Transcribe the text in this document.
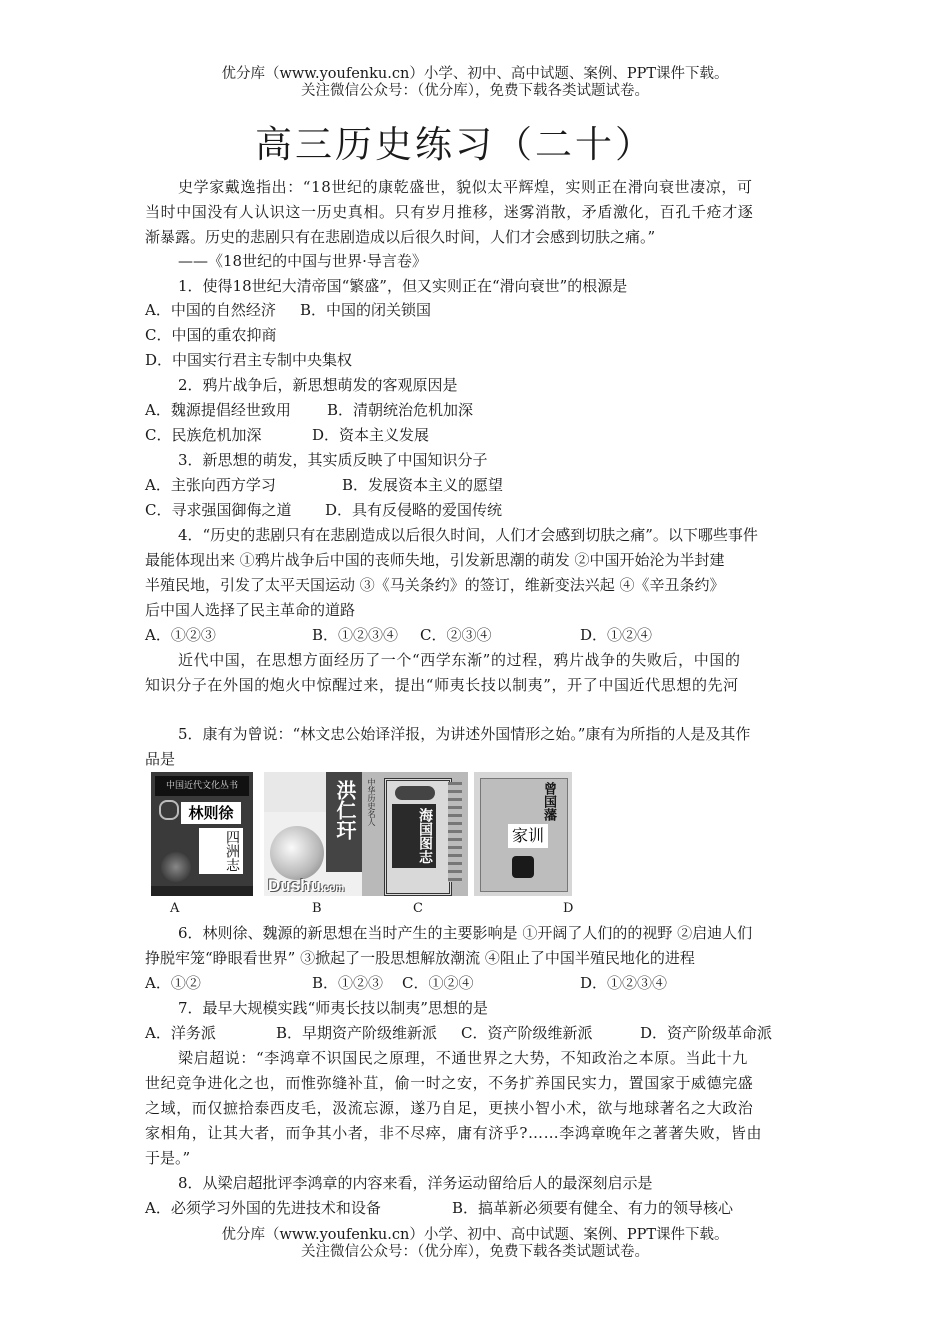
优分库（www.youfenku.cn）小学、初中、高中试题、案例、PPT课件下载。
关注微信公众号：（优分库），免费下载各类试题试卷。
高三历史练习（二十）
史学家戴逸指出：“18世纪的康乾盛世，貌似太平辉煌，实则正在滑向衰世凄凉，可
当时中国没有人认识这一历史真相。只有岁月推移，迷雾消散，矛盾激化，百孔千疮才逐
渐暴露。历史的悲剧只有在悲剧造成以后很久时间，人们才会感到切肤之痛。”
——《18世纪的中国与世界·导言卷》
1．使得18世纪大清帝国“繁盛”，但又实则正在“滑向衰世”的根源是
A．中国的自然经济 B．中国的闭关锁国
C．中国的重农抑商
D．中国实行君主专制中央集权
2．鸦片战争后，新思想萌发的客观原因是
A．魏源提倡经世致用 B．清朝统治危机加深
C．民族危机加深	D．资本主义发展
3．新思想的萌发，其实质反映了中国知识分子
A．主张向西方学习	B．发展资本主义的愿望
C．寻求强国御侮之道 D．具有反侵略的爱国传统
4．“历史的悲剧只有在悲剧造成以后很久时间，人们才会感到切肤之痛”。以下哪些事件
最能体现出来 ①鸦片战争后中国的丧师失地，引发新思潮的萌发 ②中国开始沦为半封建
半殖民地，引发了太平天国运动 ③《马关条约》的签订，维新变法兴起 ④《辛丑条约》
后中国人选择了民主革命的道路
A．①②③	B．①②③④ C．②③④	D．①②④
近代中国，在思想方面经历了一个“西学东渐”的过程，鸦片战争的失败后，中国的
知识分子在外国的炮火中惊醒过来，提出“师夷长技以制夷”，开了中国近代思想的先河
5．康有为曾说：“林文忠公始译洋报，为讲述外国情形之始。”康有为所指的人是及其作
品是
中国近代文化丛书
林则徐
四洲志
洪仁玕
Dushu.com
中华历史名人
海国图志
曾国藩
家训
A	B	C	D
6．林则徐、魏源的新思想在当时产生的主要影响是 ①开阔了人们的的视野 ②启迪人们
挣脱牢笼“睁眼看世界” ③掀起了一股思想解放潮流 ④阻止了中国半殖民地化的进程
A．①②	B．①②③ C．①②④	D．①②③④
7．最早大规模实践“师夷长技以制夷”思想的是
A．洋务派	B．早期资产阶级维新派 C．资产阶级维新派	D．资产阶级革命派
梁启超说：“李鸿章不识国民之原理，不通世界之大势，不知政治之本原。当此十九
世纪竞争进化之也，而惟弥缝补苴，偷一时之安，不务扩养国民实力，置国家于威德完盛
之域，而仅摭拾泰西皮毛，汲流忘源，遂乃自足，更挟小智小术，欲与地球著名之大政治
家相角，让其大者，而争其小者，非不尽瘁，庸有济乎?……李鸿章晚年之著著失败，皆由
于是。”
8．从梁启超批评李鸿章的内容来看，洋务运动留给后人的最深刻启示是
A．必须学习外国的先进技术和设备	B．搞革新必须要有健全、有力的领导核心
优分库（www.youfenku.cn）小学、初中、高中试题、案例、PPT课件下载。
关注微信公众号：（优分库），免费下载各类试题试卷。
